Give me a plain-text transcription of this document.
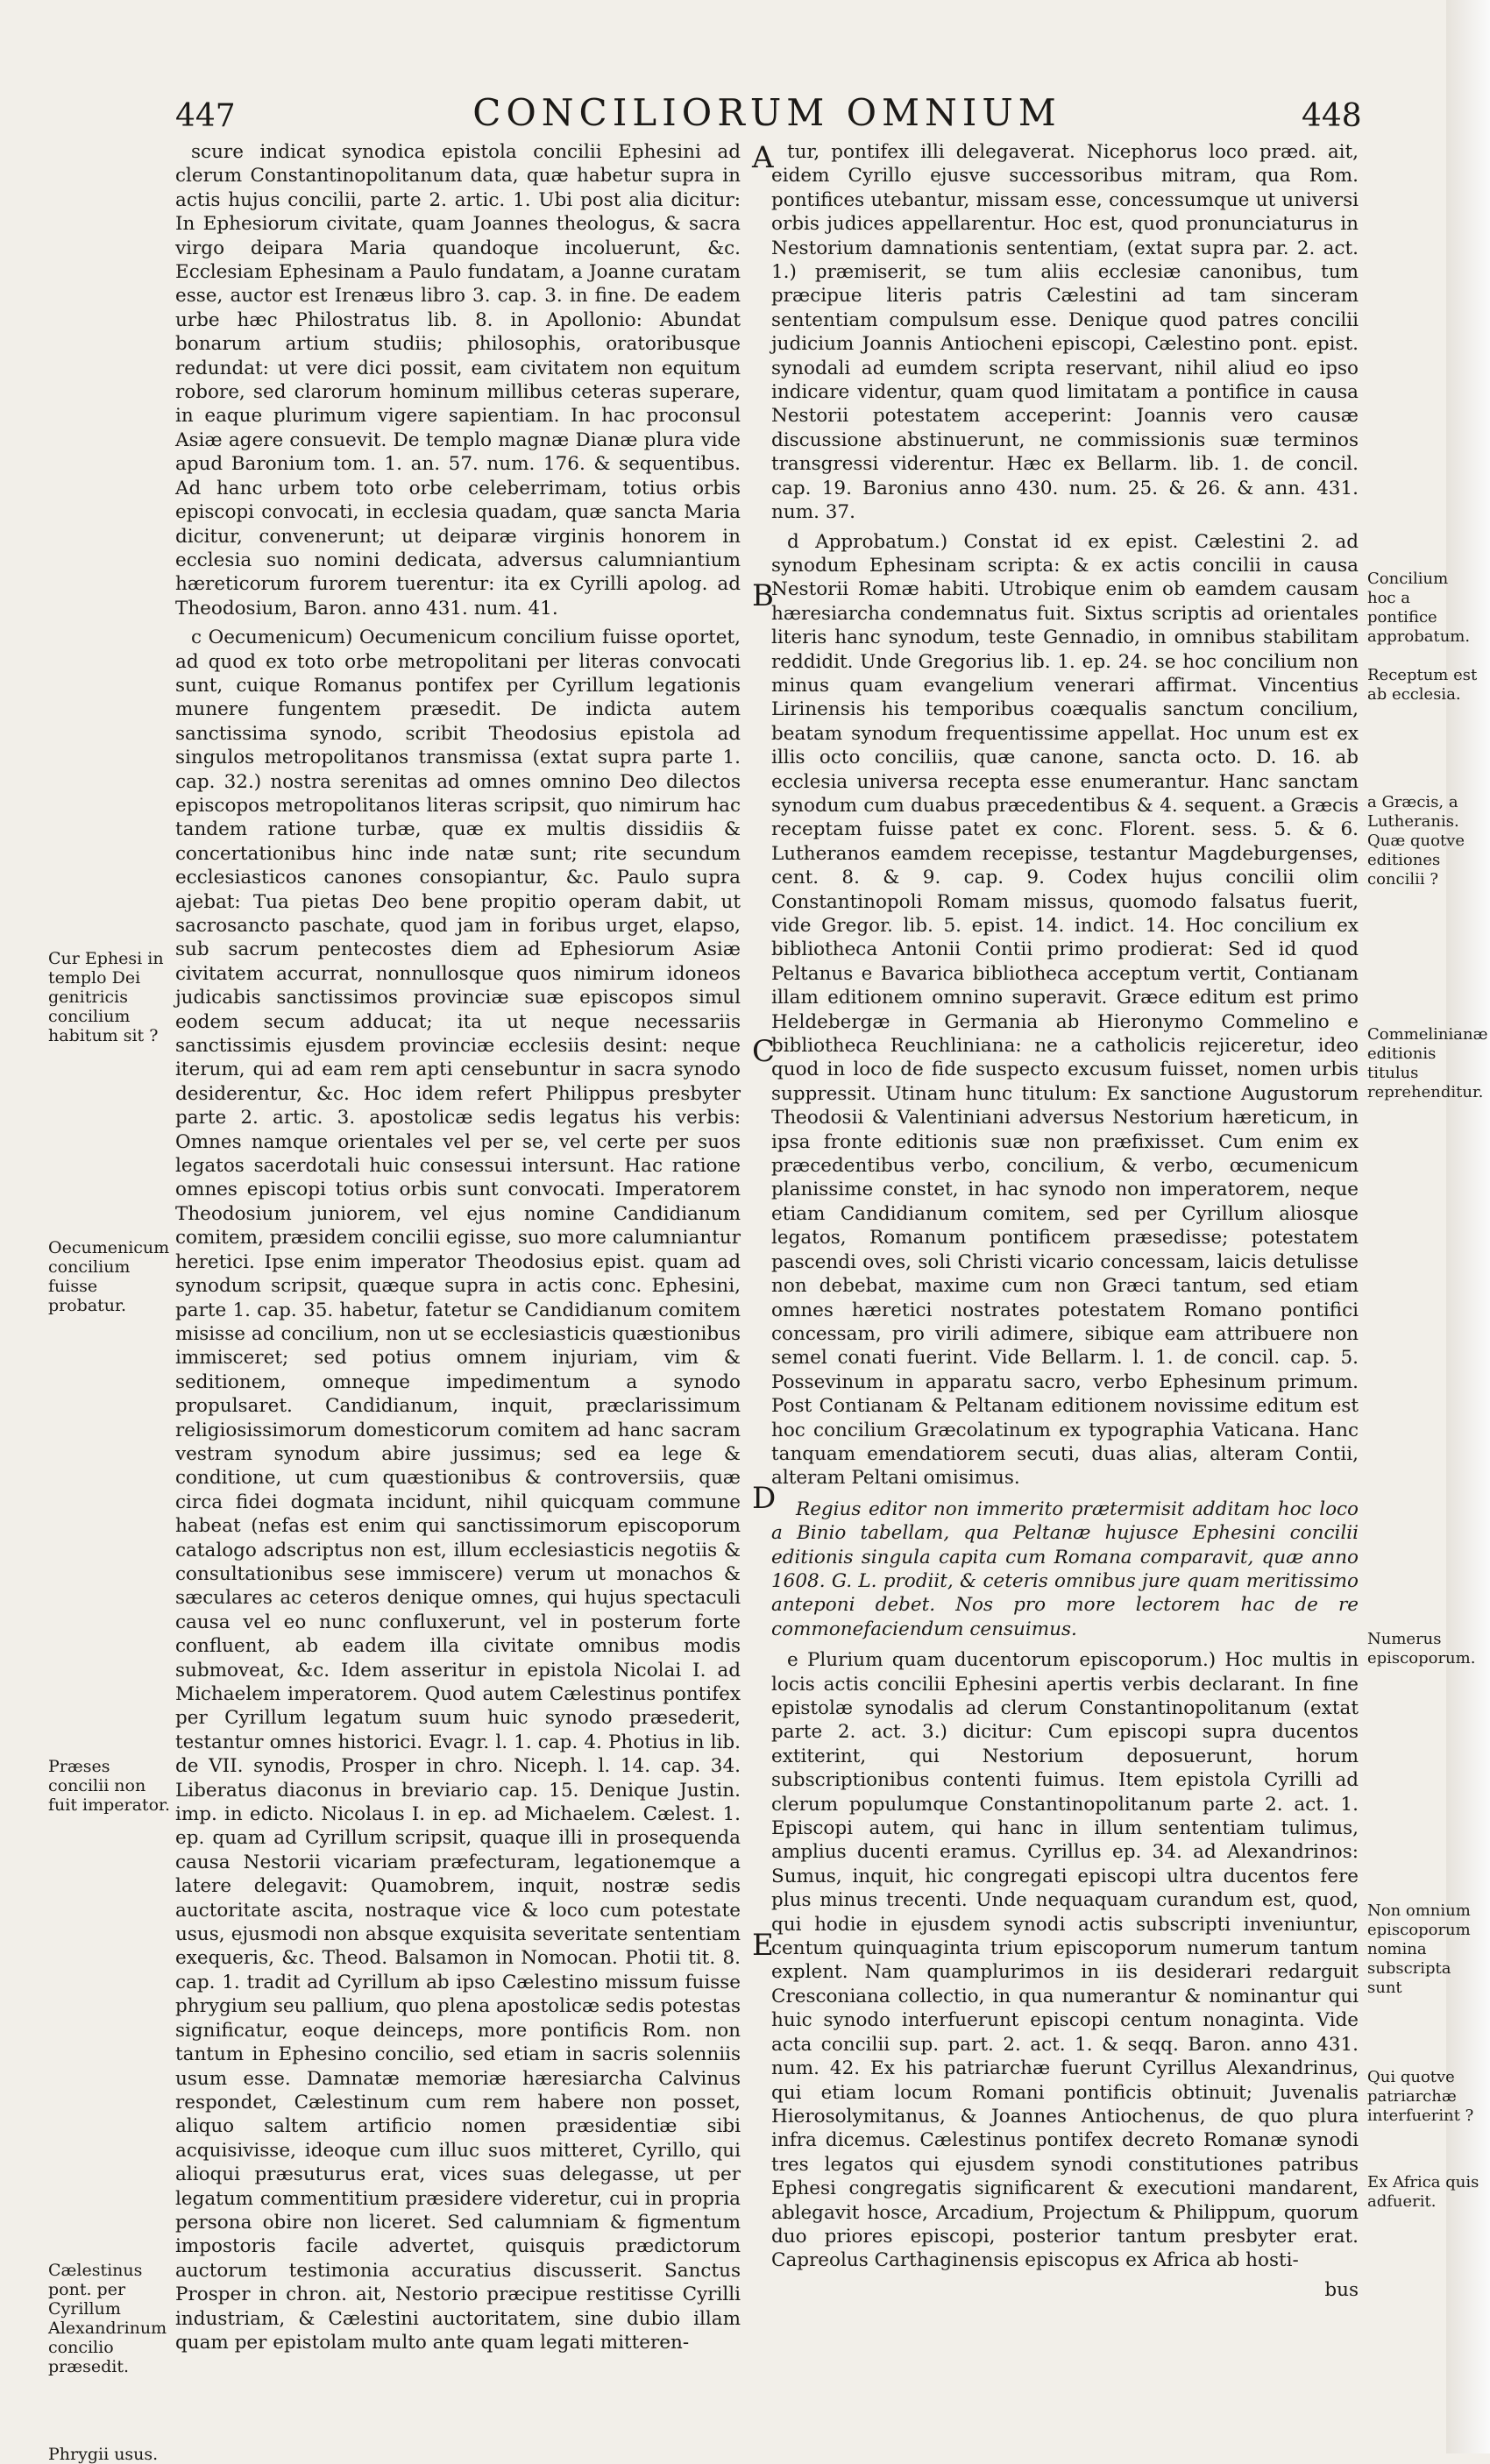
447	CONCILIORUM OMNIUM	448
Cur Ephesi in templo Dei genitricis concilium habitum sit ?
Oecumenicum concilium fuisse probatur.
Præses concilii non fuit imperator.
Cælestinus pont. per Cyrillum Alexandrinum concilio præsedit.
Phrygii usus.
A
B
C
D
E
Concilium hoc a pontifice approbatum.
Receptum est ab ecclesia.
a Græcis, a Lutheranis. Quæ quotve editiones concilii ?
Commelinianæ editionis titulus reprehenditur.
Numerus episcoporum.
Non omnium episcoporum nomina subscripta sunt
Qui quotve patriarchæ interfuerint ?
Ex Africa quis adfuerit.

scure indicat synodica epistola concilii Ephesini ad clerum Constantinopolitanum data, quæ habetur supra in actis hujus concilii, parte 2. artic. 1. Ubi post alia dicitur: In Ephesiorum civitate, quam Joannes theologus, & sacra virgo deipara Maria quandoque incoluerunt, &c. Ecclesiam Ephesinam a Paulo fundatam, a Joanne curatam esse, auctor est Irenæus libro 3. cap. 3. in fine. De eadem urbe hæc Philostratus lib. 8. in Apollonio: Abundat bonarum artium studiis; philosophis, oratoribusque redundat: ut vere dici possit, eam civitatem non equitum robore, sed clarorum hominum millibus ceteras superare, in eaque plurimum vigere sapientiam. In hac proconsul Asiæ agere consuevit. De templo magnæ Dianæ plura vide apud Baronium tom. 1. an. 57. num. 176. & sequentibus. Ad hanc urbem toto orbe celeberrimam, totius orbis episcopi convocati, in ecclesia quadam, quæ sancta Maria dicitur, convenerunt; ut deiparæ virginis honorem in ecclesia suo nomini dedicata, adversus calumniantium hæreticorum furorem tuerentur: ita ex Cyrilli apolog. ad Theodosium, Baron. anno 431. num. 41.

c Oecumenicum) Oecumenicum concilium fuisse oportet, ad quod ex toto orbe metropolitani per literas convocati sunt, cuique Romanus pontifex per Cyrillum legationis munere fungentem præsedit. De indicta autem sanctissima synodo, scribit Theodosius epistola ad singulos metropolitanos transmissa (extat supra parte 1. cap. 32.) nostra serenitas ad omnes omnino Deo dilectos episcopos metropolitanos literas scripsit, quo nimirum hac tandem ratione turbæ, quæ ex multis dissidiis & concertationibus hinc inde natæ sunt; rite secundum ecclesiasticos canones consopiantur, &c. Paulo supra ajebat: Tua pietas Deo bene propitio operam dabit, ut sacrosancto paschate, quod jam in foribus urget, elapso, sub sacrum pentecostes diem ad Ephesiorum Asiæ civitatem accurrat, nonnullosque quos nimirum idoneos judicabis sanctissimos provinciæ suæ episcopos simul eodem secum adducat; ita ut neque necessariis sanctissimis ejusdem provinciæ ecclesiis desint: neque iterum, qui ad eam rem apti censebuntur in sacra synodo desiderentur, &c. Hoc idem refert Philippus presbyter parte 2. artic. 3. apostolicæ sedis legatus his verbis: Omnes namque orientales vel per se, vel certe per suos legatos sacerdotali huic consessui intersunt. Hac ratione omnes episcopi totius orbis sunt convocati. Imperatorem Theodosium juniorem, vel ejus nomine Candidianum comitem, præsidem concilii egisse, suo more calumniantur heretici. Ipse enim imperator Theodosius epist. quam ad synodum scripsit, quæque supra in actis conc. Ephesini, parte 1. cap. 35. habetur, fatetur se Candidianum comitem misisse ad concilium, non ut se ecclesiasticis quæstionibus immisceret; sed potius omnem injuriam, vim & seditionem, omneque impedimentum a synodo propulsaret. Candidianum, inquit, præclarissimum religiosissimorum domesticorum comitem ad hanc sacram vestram synodum abire jussimus; sed ea lege & conditione, ut cum quæstionibus & controversiis, quæ circa fidei dogmata incidunt, nihil quicquam commune habeat (nefas est enim qui sanctissimorum episcoporum catalogo adscriptus non est, illum ecclesiasticis negotiis & consultationibus sese immiscere) verum ut monachos & sæculares ac ceteros denique omnes, qui hujus spectaculi causa vel eo nunc confluxerunt, vel in posterum forte confluent, ab eadem illa civitate omnibus modis submoveat, &c. Idem asseritur in epistola Nicolai I. ad Michaelem imperatorem. Quod autem Cælestinus pontifex per Cyrillum legatum suum huic synodo præsederit, testantur omnes historici. Evagr. l. 1. cap. 4. Photius in lib. de VII. synodis, Prosper in chro. Niceph. l. 14. cap. 34. Liberatus diaconus in breviario cap. 15. Denique Justin. imp. in edicto. Nicolaus I. in ep. ad Michaelem. Cælest. 1. ep. quam ad Cyrillum scripsit, quaque illi in prosequenda causa Nestorii vicariam præfecturam, legationemque a latere delegavit: Quamobrem, inquit, nostræ sedis auctoritate ascita, nostraque vice & loco cum potestate usus, ejusmodi non absque exquisita severitate sententiam exequeris, &c. Theod. Balsamon in Nomocan. Photii tit. 8. cap. 1. tradit ad Cyrillum ab ipso Cælestino missum fuisse phrygium seu pallium, quo plena apostolicæ sedis potestas significatur, eoque deinceps, more pontificis Rom. non tantum in Ephesino concilio, sed etiam in sacris solenniis usum esse. Damnatæ memoriæ hæresiarcha Calvinus respondet, Cælestinum cum rem habere non posset, aliquo saltem artificio nomen præsidentiæ sibi acquisivisse, ideoque cum illuc suos mitteret, Cyrillo, qui alioqui præsuturus erat, vices suas delegasse, ut per legatum commentitium præsidere videretur, cui in propria persona obire non liceret. Sed calumniam & figmentum impostoris facile advertet, quisquis prædictorum auctorum testimonia accuratius discusserit. Sanctus Prosper in chron. ait, Nestorio præcipue restitisse Cyrilli industriam, & Cælestini auctoritatem, sine dubio illam quam per epistolam multo ante quam legati mitteren-

tur, pontifex illi delegaverat. Nicephorus loco præd. ait, eidem Cyrillo ejusve successoribus mitram, qua Rom. pontifices utebantur, missam esse, concessumque ut universi orbis judices appellarentur. Hoc est, quod pronunciaturus in Nestorium damnationis sententiam, (extat supra par. 2. act. 1.) præmiserit, se tum aliis ecclesiæ canonibus, tum præcipue literis patris Cælestini ad tam sinceram sententiam compulsum esse. Denique quod patres concilii judicium Joannis Antiocheni episcopi, Cælestino pont. epist. synodali ad eumdem scripta reservant, nihil aliud eo ipso indicare videntur, quam quod limitatam a pontifice in causa Nestorii potestatem acceperint: Joannis vero causæ discussione abstinuerunt, ne commissionis suæ terminos transgressi viderentur. Hæc ex Bellarm. lib. 1. de concil. cap. 19. Baronius anno 430. num. 25. & 26. & ann. 431. num. 37.

d Approbatum.) Constat id ex epist. Cælestini 2. ad synodum Ephesinam scripta: & ex actis concilii in causa Nestorii Romæ habiti. Utrobique enim ob eamdem causam hæresiarcha condemnatus fuit. Sixtus scriptis ad orientales literis hanc synodum, teste Gennadio, in omnibus stabilitam reddidit. Unde Gregorius lib. 1. ep. 24. se hoc concilium non minus quam evangelium venerari affirmat. Vincentius Lirinensis his temporibus coæqualis sanctum concilium, beatam synodum frequentissime appellat. Hoc unum est ex illis octo conciliis, quæ canone, sancta octo. D. 16. ab ecclesia universa recepta esse enumerantur. Hanc sanctam synodum cum duabus præcedentibus & 4. sequent. a Græcis receptam fuisse patet ex conc. Florent. sess. 5. & 6. Lutheranos eamdem recepisse, testantur Magdeburgenses, cent. 8. & 9. cap. 9. Codex hujus concilii olim Constantinopoli Romam missus, quomodo falsatus fuerit, vide Gregor. lib. 5. epist. 14. indict. 14. Hoc concilium ex bibliotheca Antonii Contii primo prodierat: Sed id quod Peltanus e Bavarica bibliotheca acceptum vertit, Contianam illam editionem omnino superavit. Græce editum est primo Heldebergæ in Germania ab Hieronymo Commelino e bibliotheca Reuchliniana: ne a catholicis rejiceretur, ideo quod in loco de fide suspecto excusum fuisset, nomen urbis suppressit. Utinam hunc titulum: Ex sanctione Augustorum Theodosii & Valentiniani adversus Nestorium hæreticum, in ipsa fronte editionis suæ non præfixisset. Cum enim ex præcedentibus verbo, concilium, & verbo, œcumenicum planissime constet, in hac synodo non imperatorem, neque etiam Candidianum comitem, sed per Cyrillum aliosque legatos, Romanum pontificem præsedisse; potestatem pascendi oves, soli Christi vicario concessam, laicis detulisse non debebat, maxime cum non Græci tantum, sed etiam omnes hæretici nostrates potestatem Romano pontifici concessam, pro virili adimere, sibique eam attribuere non semel conati fuerint. Vide Bellarm. l. 1. de concil. cap. 5. Possevinum in apparatu sacro, verbo Ephesinum primum. Post Contianam & Peltanam editionem novissime editum est hoc concilium Græcolatinum ex typographia Vaticana. Hanc tanquam emendatiorem secuti, duas alias, alteram Contii, alteram Peltani omisimus.

Regius editor non immerito prætermisit additam hoc loco a Binio tabellam, qua Peltanæ hujusce Ephesini concilii editionis singula capita cum Romana comparavit, quæ anno 1608. G. L. prodiit, & ceteris omnibus jure quam meritissimo anteponi debet. Nos pro more lectorem hac de re commonefaciendum censuimus.

e Plurium quam ducentorum episcoporum.) Hoc multis in locis actis concilii Ephesini apertis verbis declarant. In fine epistolæ synodalis ad clerum Constantinopolitanum (extat parte 2. act. 3.) dicitur: Cum episcopi supra ducentos extiterint, qui Nestorium deposuerunt, horum subscriptionibus contenti fuimus. Item epistola Cyrilli ad clerum populumque Constantinopolitanum parte 2. act. 1. Episcopi autem, qui hanc in illum sententiam tulimus, amplius ducenti eramus. Cyrillus ep. 34. ad Alexandrinos: Sumus, inquit, hic congregati episcopi ultra ducentos fere plus minus trecenti. Unde nequaquam curandum est, quod, qui hodie in ejusdem synodi actis subscripti inveniuntur, centum quinquaginta trium episcoporum numerum tantum explent. Nam quamplurimos in iis desiderari redarguit Cresconiana collectio, in qua numerantur & nominantur qui huic synodo interfuerunt episcopi centum nonaginta. Vide acta concilii sup. part. 2. act. 1. & seqq. Baron. anno 431. num. 42. Ex his patriarchæ fuerunt Cyrillus Alexandrinus, qui etiam locum Romani pontificis obtinuit; Juvenalis Hierosolymitanus, & Joannes Antiochenus, de quo plura infra dicemus. Cælestinus pontifex decreto Romanæ synodi tres legatos qui ejusdem synodi constitutiones patribus Ephesi congregatis significarent & executioni mandarent, ablegavit hosce, Arcadium, Projectum & Philippum, quorum duo priores episcopi, posterior tantum presbyter erat. Capreolus Carthaginensis episcopus ex Africa ab hosti-

bus
